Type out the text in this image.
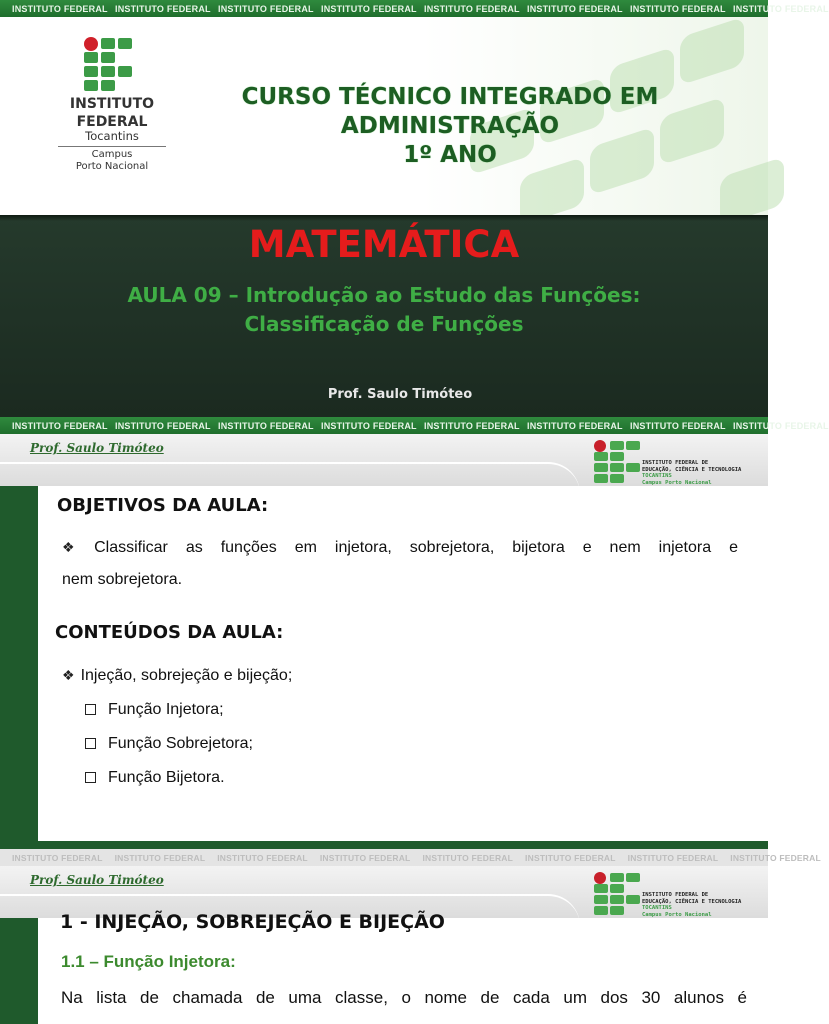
INSTITUTO FEDERAL INSTITUTO FEDERAL INSTITUTO FEDERAL INSTITUTO FEDERAL INSTITUTO FEDERAL INSTITUTO FEDERAL INSTITUTO FEDERAL INSTITUTO FEDERAL
INSTITUTO
FEDERAL
Tocantins
Campus
Porto Nacional
CURSO TÉCNICO INTEGRADO EM
ADMINISTRAÇÃO
1º ANO
MATEMÁTICA
AULA 09 – Introdução ao Estudo das Funções:
Classificação de Funções
Prof. Saulo Timóteo
INSTITUTO FEDERAL INSTITUTO FEDERAL INSTITUTO FEDERAL INSTITUTO FEDERAL INSTITUTO FEDERAL INSTITUTO FEDERAL INSTITUTO FEDERAL INSTITUTO FEDERAL
Prof. Saulo Timóteo
INSTITUTO FEDERAL DE
EDUCAÇÃO, CIÊNCIA E TECNOLOGIA
TOCANTINS
Campus Porto Nacional
OBJETIVOS DA AULA:
❖ Classificar as funções em injetora, sobrejetora, bijetora e nem injetora e
nem sobrejetora.
CONTEÚDOS DA AULA:
❖ Injeção, sobrejeção e bijeção;
Função Injetora;
Função Sobrejetora;
Função Bijetora.
INSTITUTO FEDERAL	INSTITUTO FEDERAL	INSTITUTO FEDERAL	INSTITUTO FEDERAL	INSTITUTO FEDERAL	INSTITUTO FEDERAL	INSTITUTO FEDERAL	INSTITUTO FEDERAL
Prof. Saulo Timóteo
INSTITUTO FEDERAL DE
EDUCAÇÃO, CIÊNCIA E TECNOLOGIA
TOCANTINS
Campus Porto Nacional
1 - INJEÇÃO, SOBREJEÇÃO E BIJEÇÃO
1.1 – Função Injetora:
Na lista de chamada de uma classe, o nome de cada um dos 30 alunos é
